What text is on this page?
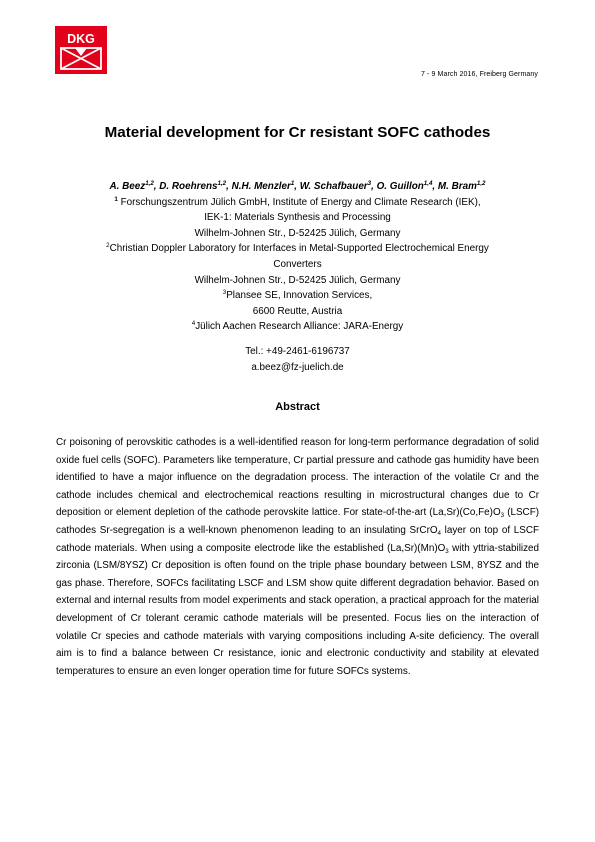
DKG
7 - 9 March 2016, Freiberg Germany
Material development for Cr resistant SOFC cathodes
A. Beez$^{1,2}$, D. Roehrens$^{1,2}$, N.H. Menzler$^1$, W. Schafbauer$^3$, O. Guillon$^{1,4}$, M. Bram$^{1,2}$
$^1$ Forschungszentrum Jülich GmbH, Institute of Energy and Climate Research (IEK),
IEK-1: Materials Synthesis and Processing
Wilhelm-Johnen Str., D-52425 Jülich, Germany
$^2$Christian Doppler Laboratory for Interfaces in Metal-Supported Electrochemical Energy
Converters
Wilhelm-Johnen Str., D-52425 Jülich, Germany
$^3$Plansee SE, Innovation Services,
6600 Reutte, Austria
$^4$Jülich Aachen Research Alliance: JARA-Energy
Tel.: +49-2461-6196737
a.beez@fz-juelich.de
Abstract

Cr poisoning of perovskitic cathodes is a well-identified reason for long-term performance degradation of solid oxide fuel cells (SOFC). Parameters like temperature, Cr partial pressure and cathode gas humidity have been identified to have a major influence on the degradation process. The interaction of the volatile Cr and the cathode includes chemical and electrochemical reactions resulting in microstructural changes due to Cr deposition or element depletion of the cathode perovskite lattice. For state-of-the-art $(La,Sr)(Co,Fe)O_3$ (LSCF) cathodes Sr-segregation is a well-known phenomenon leading to an insulating SrCrO$_4$ layer on top of LSCF cathode materials. When using a composite electrode like the established $(La,Sr)(Mn)O_3$ with yttria-stabilized zirconia (LSM/8YSZ) Cr deposition is often found on the triple phase boundary between LSM, 8YSZ and the gas phase. Therefore, SOFCs facilitating LSCF and LSM show quite different degradation behavior. Based on external and internal results from model experiments and stack operation, a practical approach for the material development of Cr tolerant ceramic cathode materials will be presented. Focus lies on the interaction of volatile Cr species and cathode materials with varying compositions including A-site deficiency. The overall aim is to find a balance between Cr resistance, ionic and electronic conductivity and stability at elevated temperatures to ensure an even longer operation time for future SOFCs systems.
